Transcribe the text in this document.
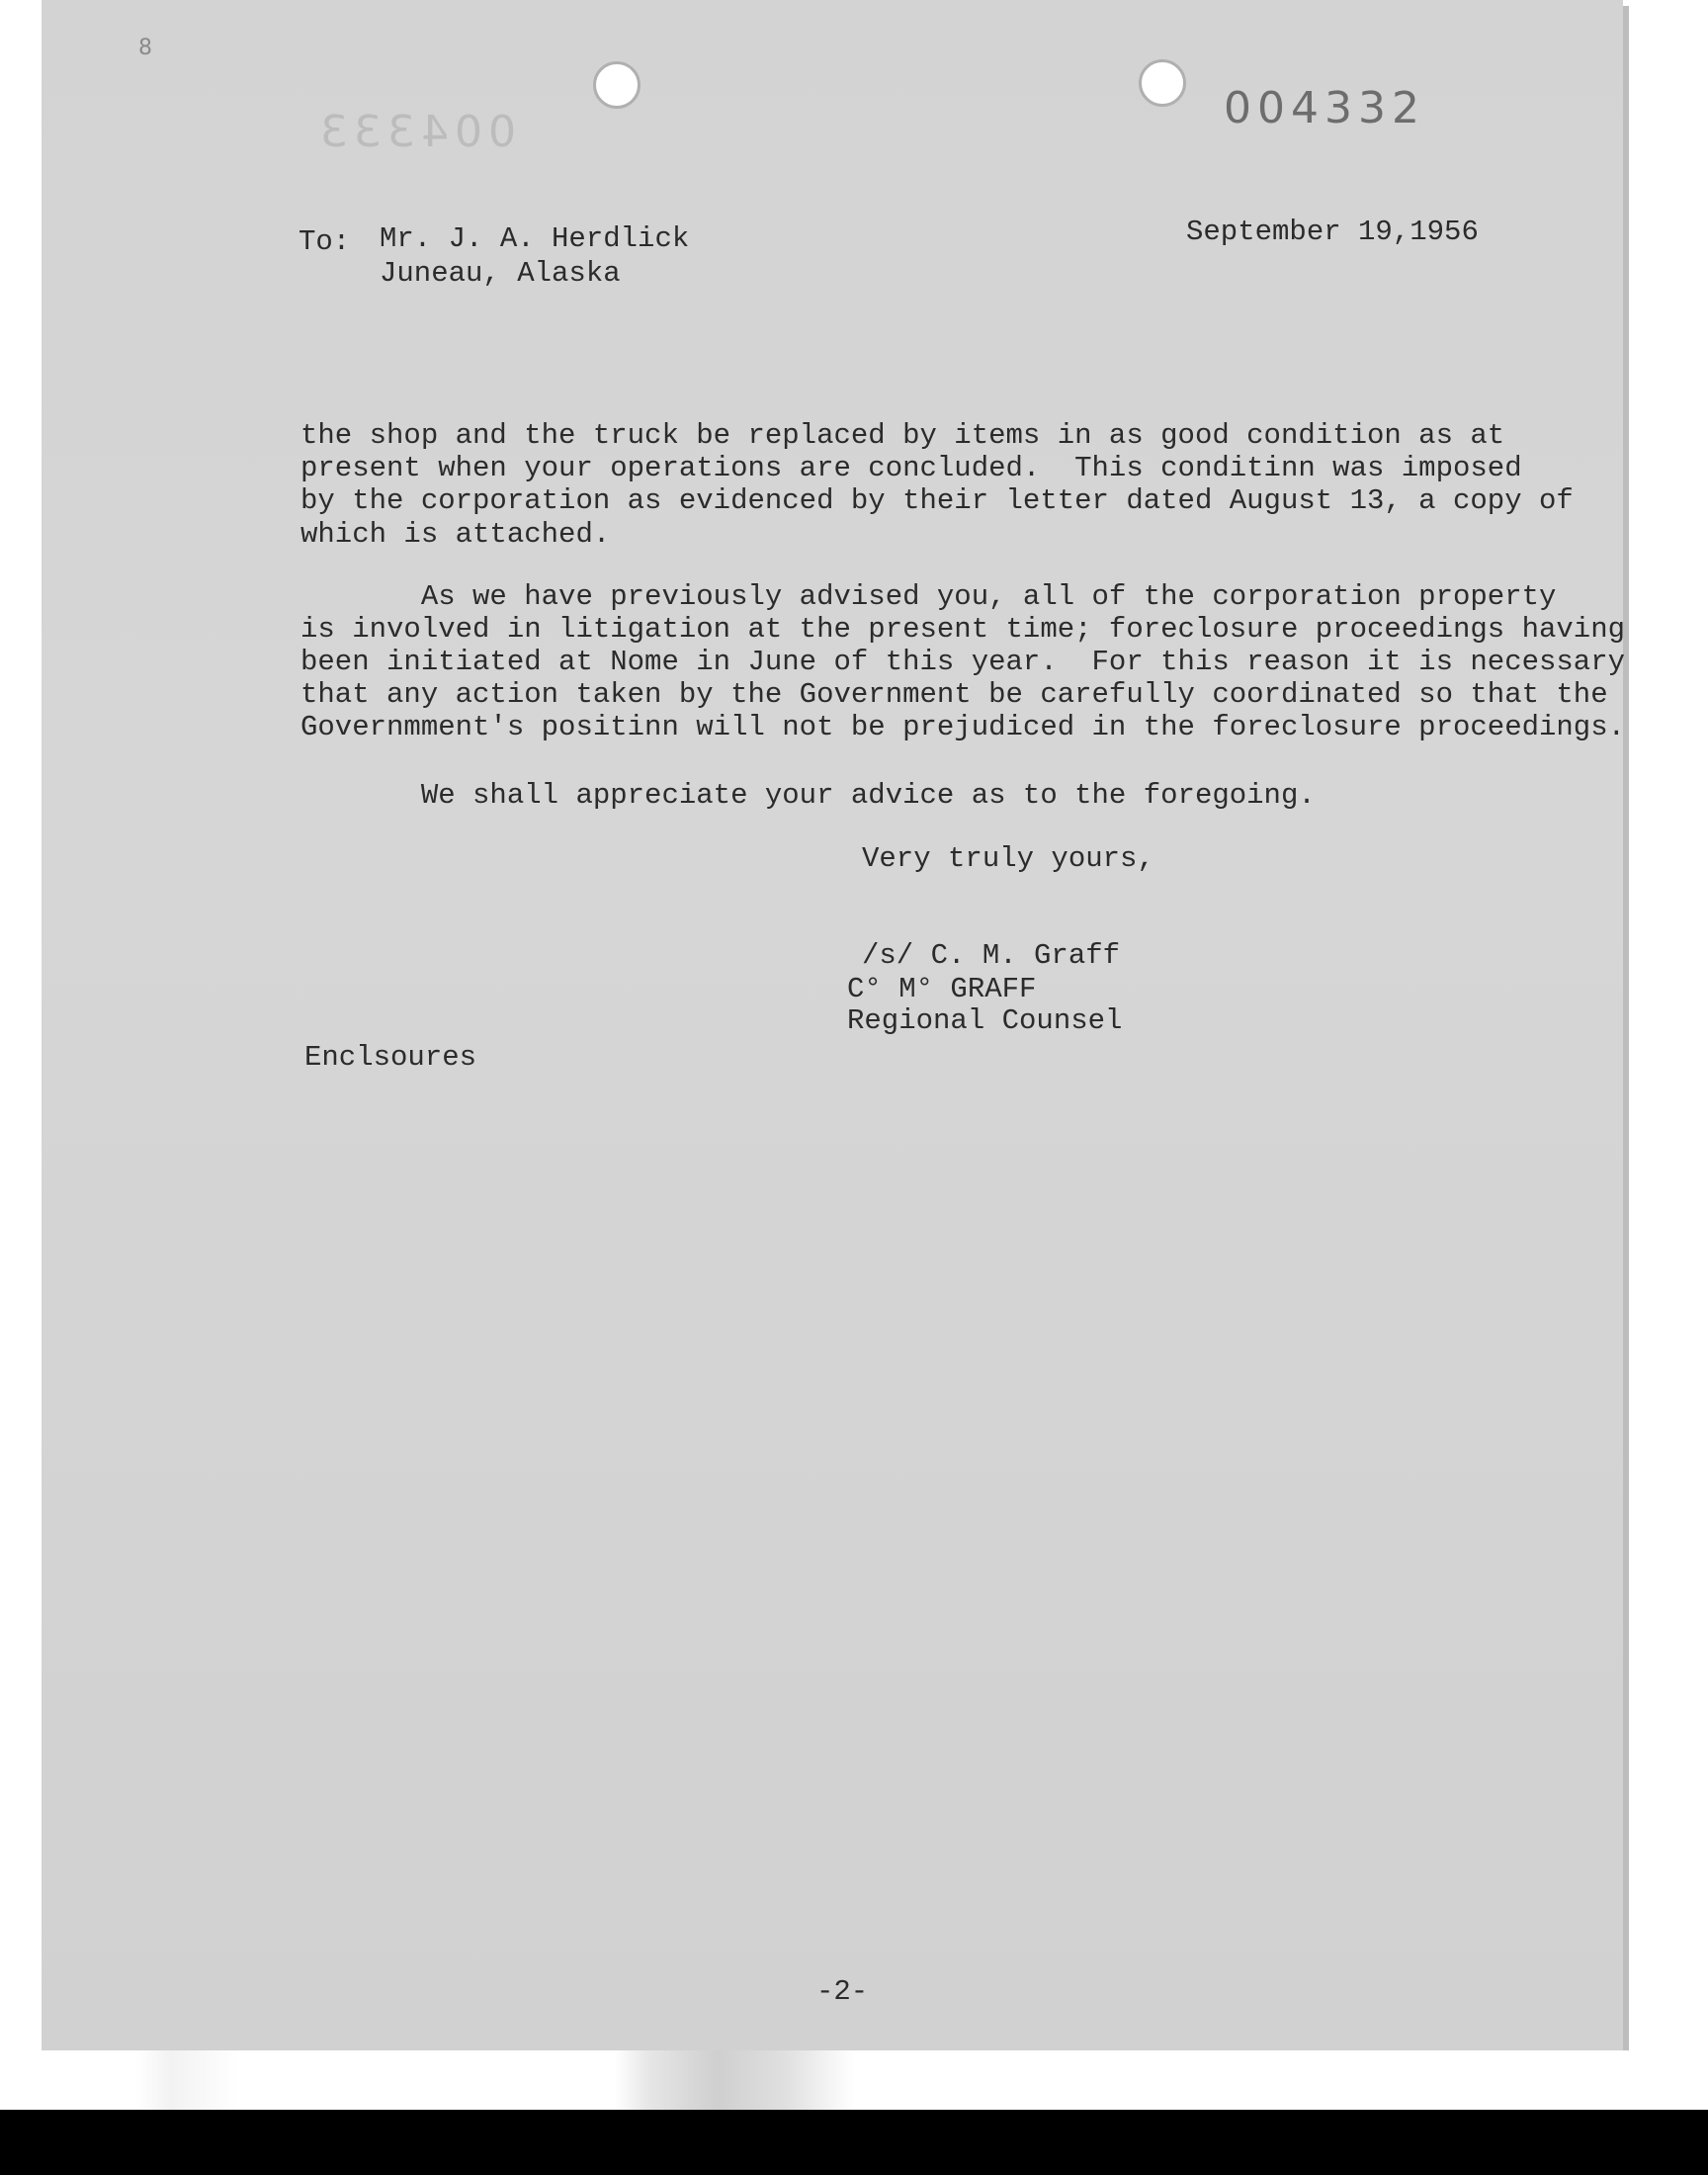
8
004333	004332

To: Mr. J. A. Herdlick

Juneau, Alaska

September 19,1956

the shop and the truck be replaced by items in as good condition as at

present when your operations are concluded.  This conditinn was imposed

by the corporation as evidenced by their letter dated August 13, a copy of

which is attached.

As we have previously advised you, all of the corporation property

is involved in litigation at the present time; foreclosure proceedings having

been initiated at Nome in June of this year.  For this reason it is necessary

that any action taken by the Government be carefully coordinated so that the

Governmment's positinn will not be prejudiced in the foreclosure proceedings.

We shall appreciate your advice as to the foregoing.

Very truly yours,

/s/ C. M. Graff

C° M° GRAFF

Regional Counsel

Enclsoures

-2-
